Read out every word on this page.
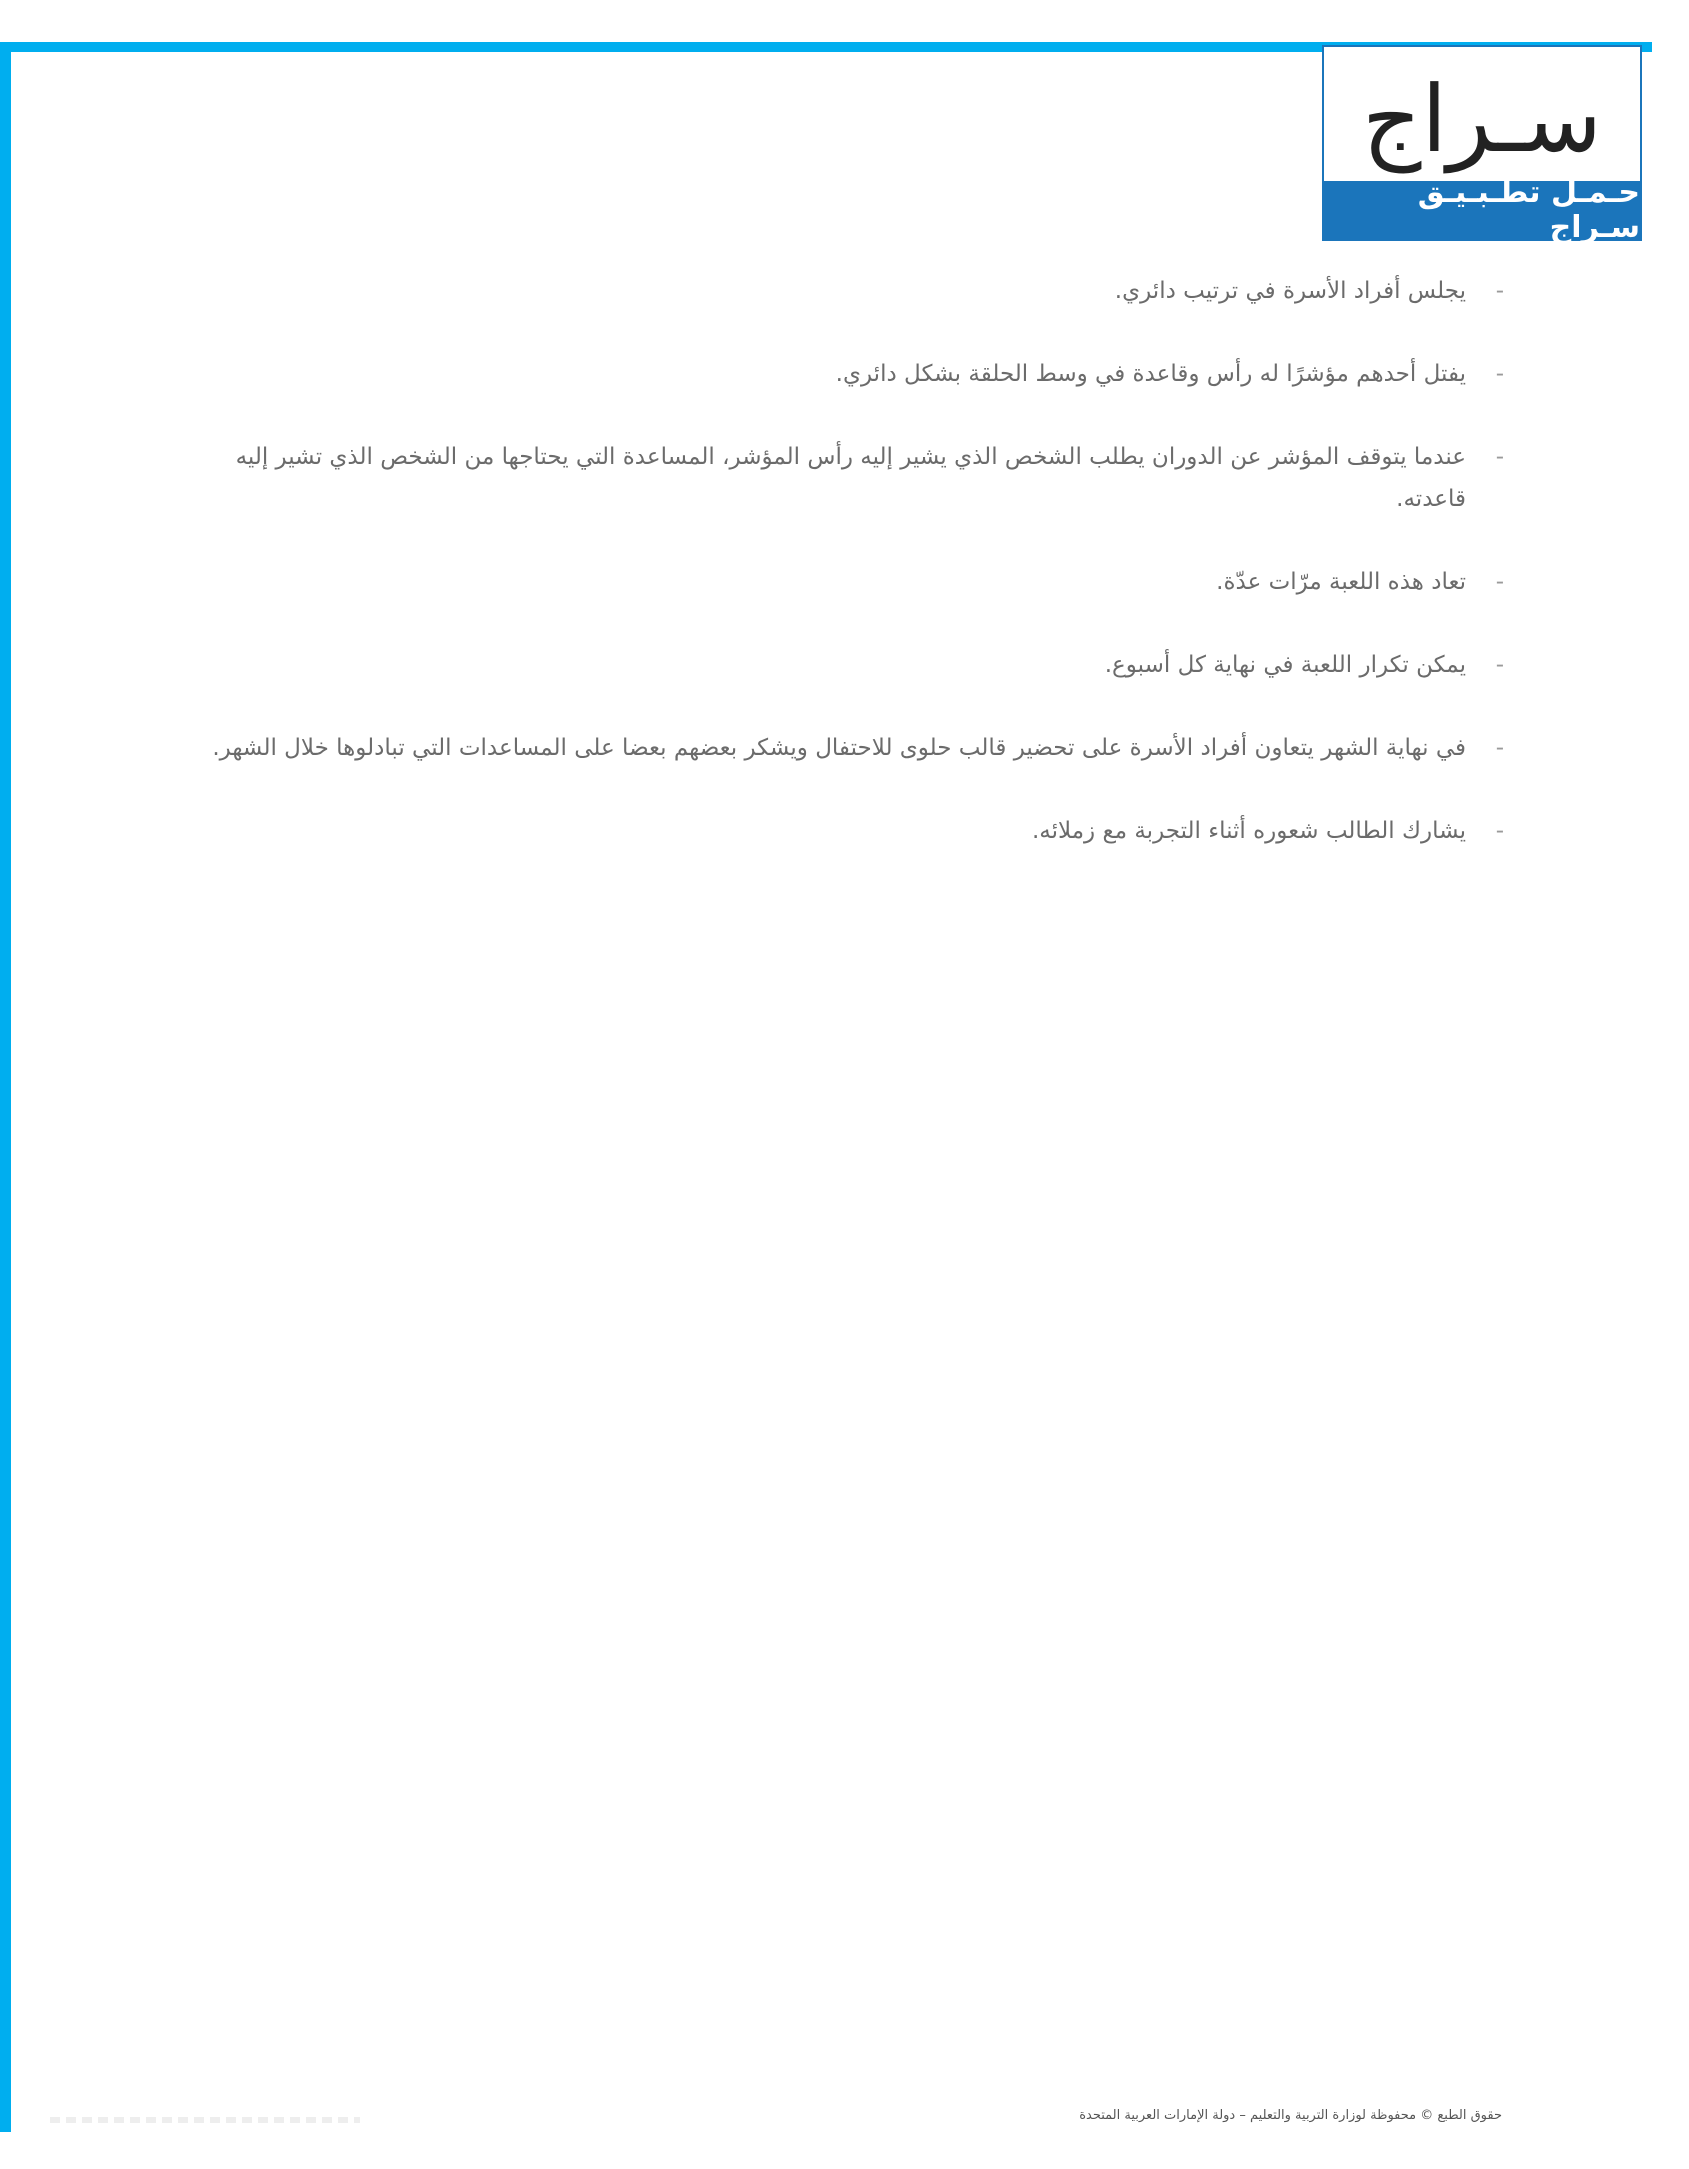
سـراج
حـمـل تطـبـيـق سـراج
-
يجلس أفراد الأسرة في ترتيب دائري.
-
يفتل أحدهم مؤشرًا له رأس وقاعدة في وسط الحلقة بشكل دائري.
-
عندما يتوقف المؤشر عن الدوران يطلب الشخص الذي يشير إليه رأس المؤشر، المساعدة التي يحتاجها من الشخص الذي تشير إليه قاعدته.
-
تعاد هذه اللعبة مرّات عدّة.
-
يمكن تكرار اللعبة في نهاية كل أسبوع.
-
في نهاية الشهر يتعاون أفراد الأسرة على تحضير قالب حلوى للاحتفال ويشكر بعضهم بعضا على المساعدات التي تبادلوها خلال الشهر.
-
يشارك الطالب شعوره أثناء التجربة مع زملائه.
حقوق الطبع © محفوظة لوزارة التربية والتعليم – دولة الإمارات العربية المتحدة
